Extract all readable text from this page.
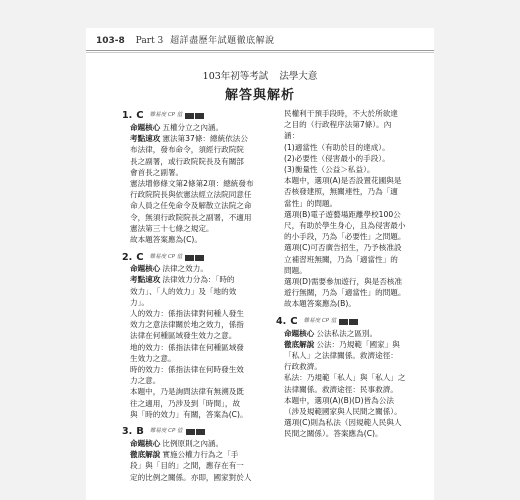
103-8 Part 3 超詳盡歷年試題徹底解說
103年初等考試 法學大意
解答與解析
1. C 難易度 CP 值
命題核心 五權分立之內涵。
考點速攻 憲法第37條：總統依法公
布法律，發布命令，須經行政院院
長之副署，或行政院院長及有關部
會首長之副署。
憲法增修條文第2條第2項：總統發布
行政院院長與依憲法經立法院同意任
命人員之任免命令及解散立法院之命
令，無須行政院院長之副署，不適用
憲法第三十七條之規定。
故本題答案應為(C)。
2. C 難易度 CP 值
命題核心 法律之效力。
考點速攻 法律效力分為：「時的
效力」、「人的效力」及「地的效
力」。
人的效力：係指法律對何種人發生
效力之意法律關於地之效力，係指
法律在何種區域發生效力之意。
地的效力：係指法律在何種區域發
生效力之意。
時的效力：係指法律在何時發生效
力之意。
本題中，乃是詢問法律有無溯及既
往之適用，乃涉及到「時間」，故
與「時的效力」有關，答案為(C)。
3. B 難易度 CP 值
命題核心 比例原則之內涵。
徹底解說 實施公權力行為之「手
段」與「目的」之間，應存在有一
定的比例之關係。亦即，國家對於人
民權利干預手段時，不大於所欲達
之目的（行政程序法第7條）。內
涵：
(1)適當性（有助於目的達成）。
(2)必要性（侵害最小的手段）。
(3)衡量性（公益＞私益）。
本題中，選項(A)是否設置花圃與是
否核發建照，無關連性，乃為「適
當性」的問題。
選項(B)電子遊藝場距離學校100公
尺，有助於學生身心，且為侵害最小
的小手段，乃為「必要性」之問題。
選項(C)可否廣告招生，乃予核准設
立補習班無關，乃為「適當性」的
問題。
選項(D)需要參加遊行，與是否核准
遊行無關，乃為「適當性」的問題。
故本題答案應為(B)。
4. C 難易度 CP 值
命題核心 公法私法之區別。
徹底解說 公法：乃規範「國家」與
「私人」之法律關係。救濟途徑：
行政救濟。
私法：乃規範「私人」與「私人」之
法律關係。救濟途徑：民事救濟。
本題中，選項(A)(B)(D)皆為公法
（涉及規範國家與人民間之關係）。
選項(C)則為私法（因規範人民與人
民間之關係）。答案應為(C)。
